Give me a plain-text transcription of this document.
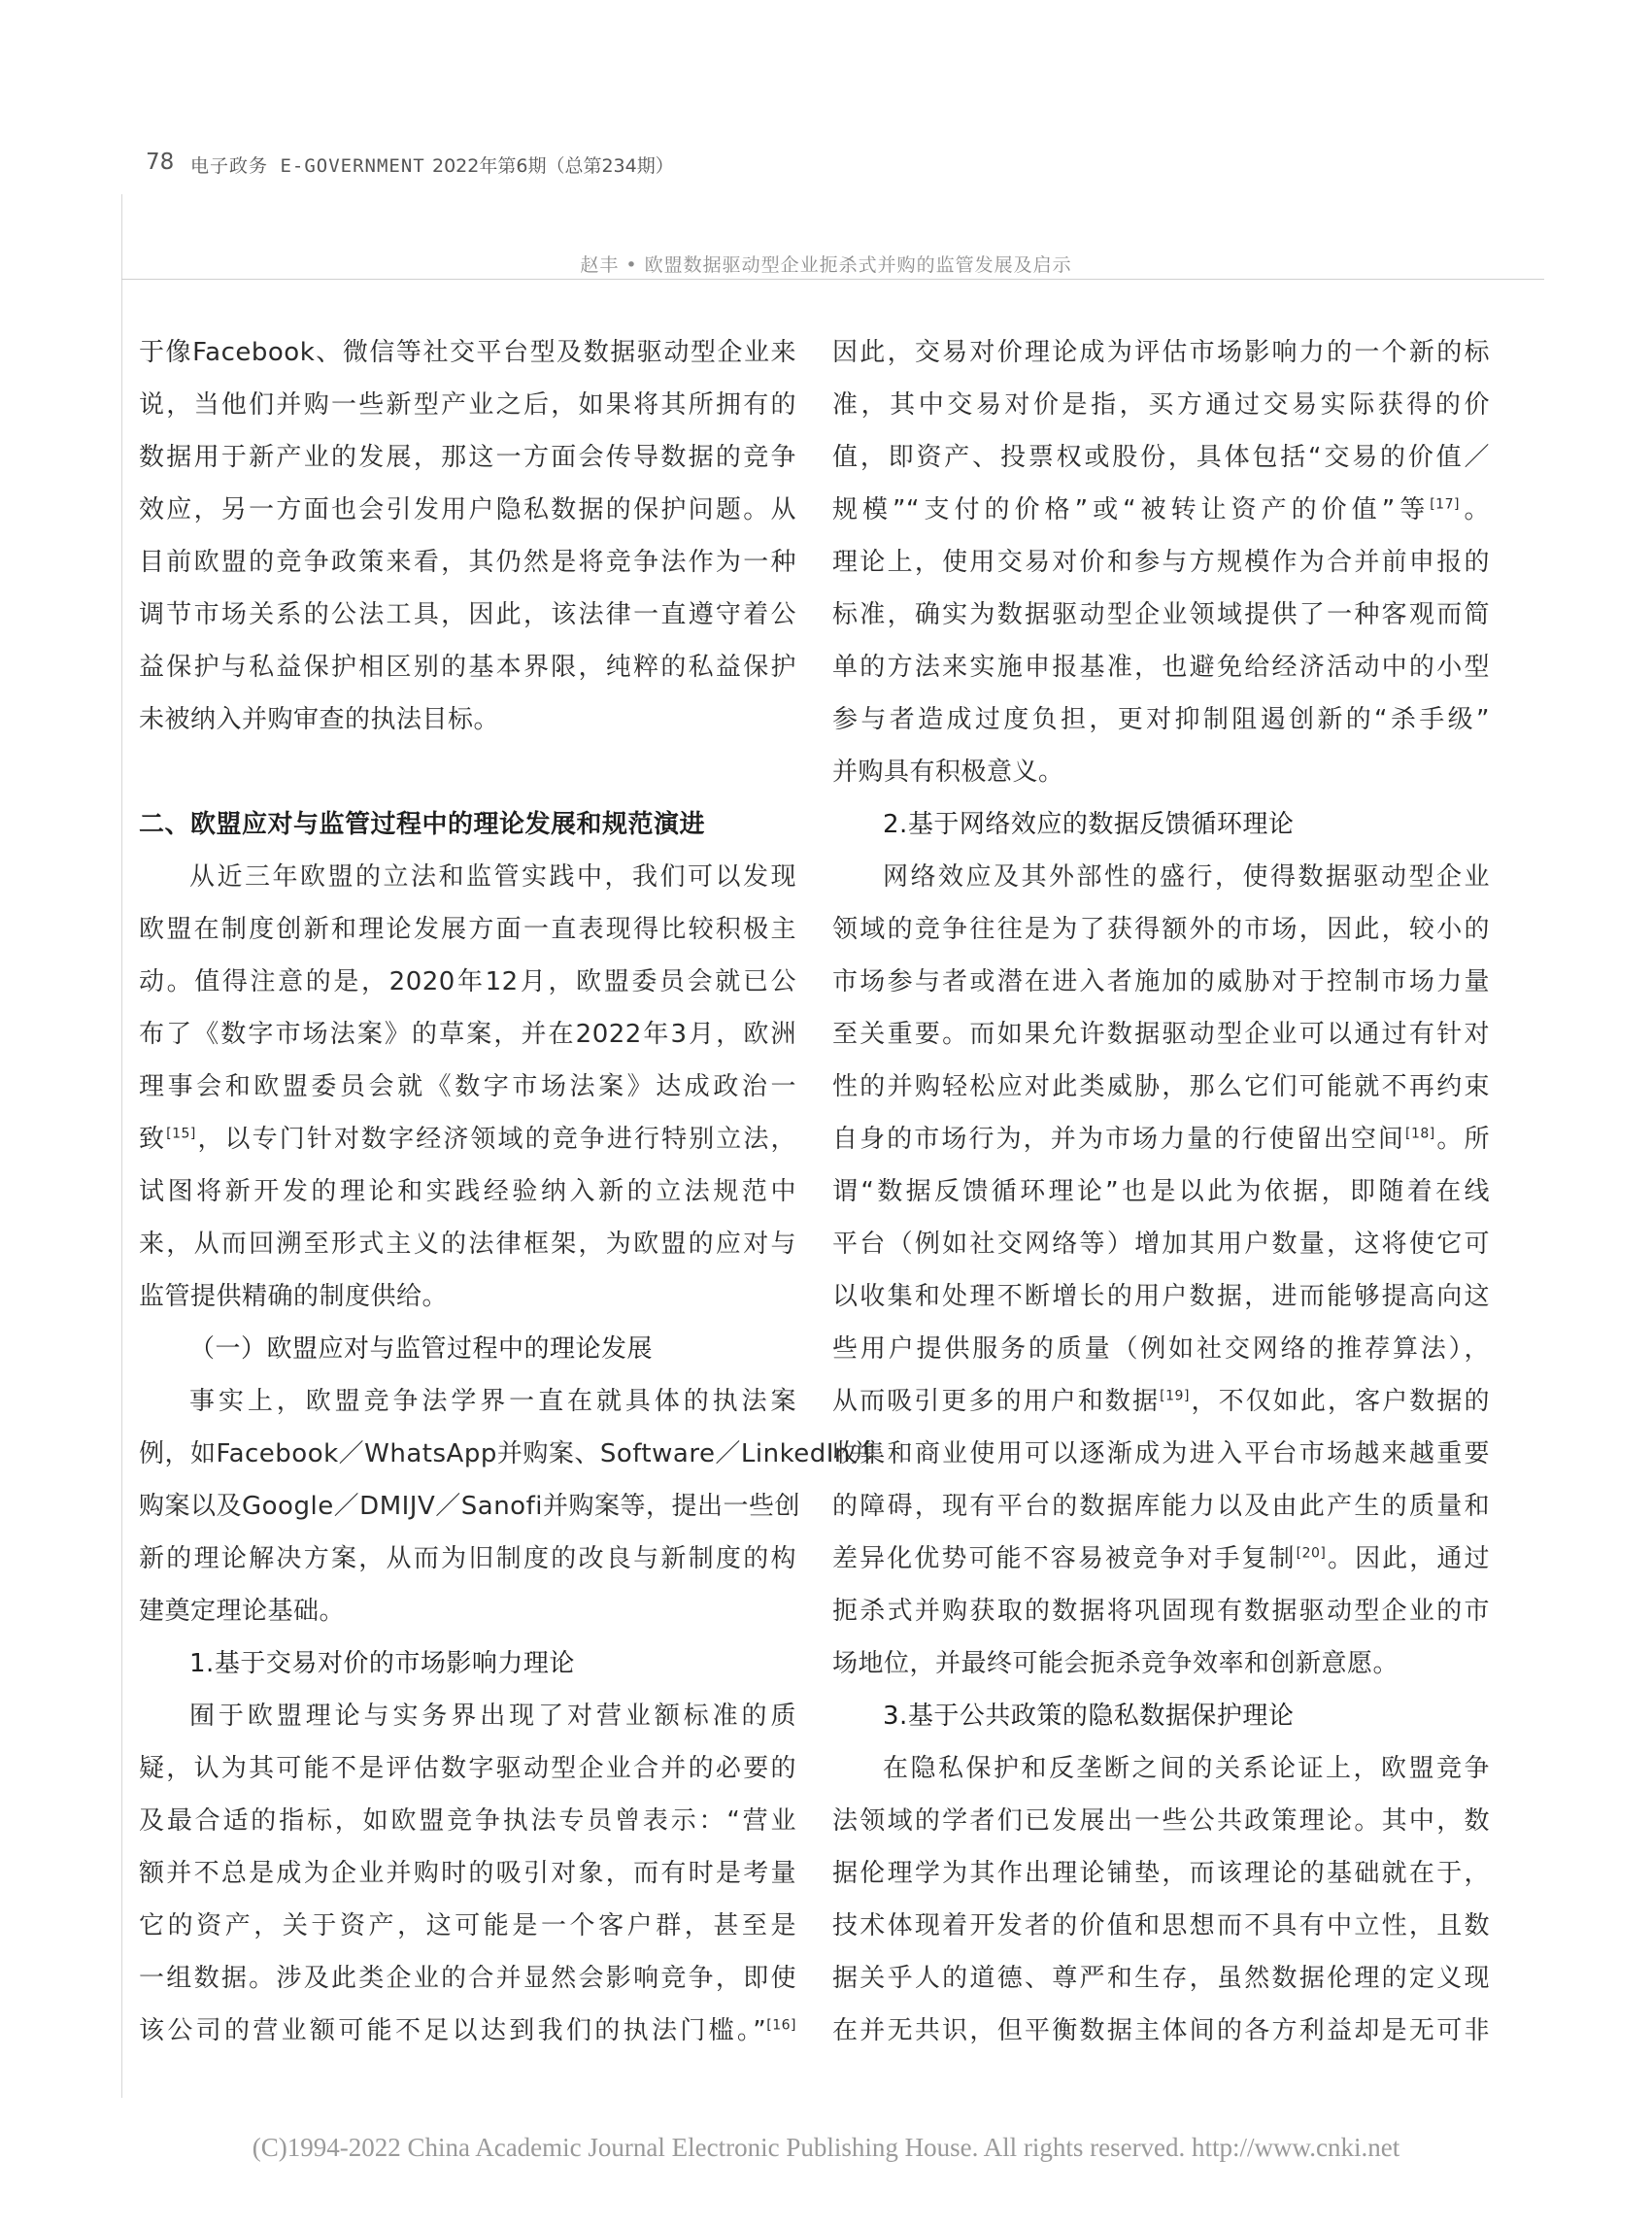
78 电子政务 E-GOVERNMENT 2022年第6期（总第234期）
赵丰 • 欧盟数据驱动型企业扼杀式并购的监管发展及启示
于像Facebook、微信等社交平台型及数据驱动型企业来
说，当他们并购一些新型产业之后，如果将其所拥有的
数据用于新产业的发展，那这一方面会传导数据的竞争
效应，另一方面也会引发用户隐私数据的保护问题。从
目前欧盟的竞争政策来看，其仍然是将竞争法作为一种
调节市场关系的公法工具，因此，该法律一直遵守着公
益保护与私益保护相区别的基本界限，纯粹的私益保护
未被纳入并购审查的执法目标。
二、欧盟应对与监管过程中的理论发展和规范演进
从近三年欧盟的立法和监管实践中，我们可以发现
欧盟在制度创新和理论发展方面一直表现得比较积极主
动。值得注意的是，2020年12月，欧盟委员会就已公
布了《数字市场法案》的草案，并在2022年3月，欧洲
理事会和欧盟委员会就《数字市场法案》达成政治一
致[15]，以专门针对数字经济领域的竞争进行特别立法，
试图将新开发的理论和实践经验纳入新的立法规范中
来，从而回溯至形式主义的法律框架，为欧盟的应对与
监管提供精确的制度供给。
（一）欧盟应对与监管过程中的理论发展
事实上，欧盟竞争法学界一直在就具体的执法案
例，如Facebook／WhatsApp并购案、Software／LinkedIn并
购案以及Google／DMIJV／Sanofi并购案等，提出一些创
新的理论解决方案，从而为旧制度的改良与新制度的构
建奠定理论基础。
1.基于交易对价的市场影响力理论
囿于欧盟理论与实务界出现了对营业额标准的质
疑，认为其可能不是评估数字驱动型企业合并的必要的
及最合适的指标，如欧盟竞争执法专员曾表示：“营业
额并不总是成为企业并购时的吸引对象，而有时是考量
它的资产，关于资产，这可能是一个客户群，甚至是
一组数据。涉及此类企业的合并显然会影响竞争，即使
该公司的营业额可能不足以达到我们的执法门槛。”[16]
因此，交易对价理论成为评估市场影响力的一个新的标
准，其中交易对价是指，买方通过交易实际获得的价
值，即资产、投票权或股份，具体包括“交易的价值／
规模”“支付的价格”或“被转让资产的价值”等[17]。
理论上，使用交易对价和参与方规模作为合并前申报的
标准，确实为数据驱动型企业领域提供了一种客观而简
单的方法来实施申报基准，也避免给经济活动中的小型
参与者造成过度负担，更对抑制阻遏创新的“杀手级”
并购具有积极意义。
2.基于网络效应的数据反馈循环理论
网络效应及其外部性的盛行，使得数据驱动型企业
领域的竞争往往是为了获得额外的市场，因此，较小的
市场参与者或潜在进入者施加的威胁对于控制市场力量
至关重要。而如果允许数据驱动型企业可以通过有针对
性的并购轻松应对此类威胁，那么它们可能就不再约束
自身的市场行为，并为市场力量的行使留出空间[18]。所
谓“数据反馈循环理论”也是以此为依据，即随着在线
平台（例如社交网络等）增加其用户数量，这将使它可
以收集和处理不断增长的用户数据，进而能够提高向这
些用户提供服务的质量（例如社交网络的推荐算法），
从而吸引更多的用户和数据[19]，不仅如此，客户数据的
收集和商业使用可以逐渐成为进入平台市场越来越重要
的障碍，现有平台的数据库能力以及由此产生的质量和
差异化优势可能不容易被竞争对手复制[20]。因此，通过
扼杀式并购获取的数据将巩固现有数据驱动型企业的市
场地位，并最终可能会扼杀竞争效率和创新意愿。
3.基于公共政策的隐私数据保护理论
在隐私保护和反垄断之间的关系论证上，欧盟竞争
法领域的学者们已发展出一些公共政策理论。其中，数
据伦理学为其作出理论铺垫，而该理论的基础就在于，
技术体现着开发者的价值和思想而不具有中立性，且数
据关乎人的道德、尊严和生存，虽然数据伦理的定义现
在并无共识，但平衡数据主体间的各方利益却是无可非
(C)1994-2022 China Academic Journal Electronic Publishing House. All rights reserved. http://www.cnki.net
